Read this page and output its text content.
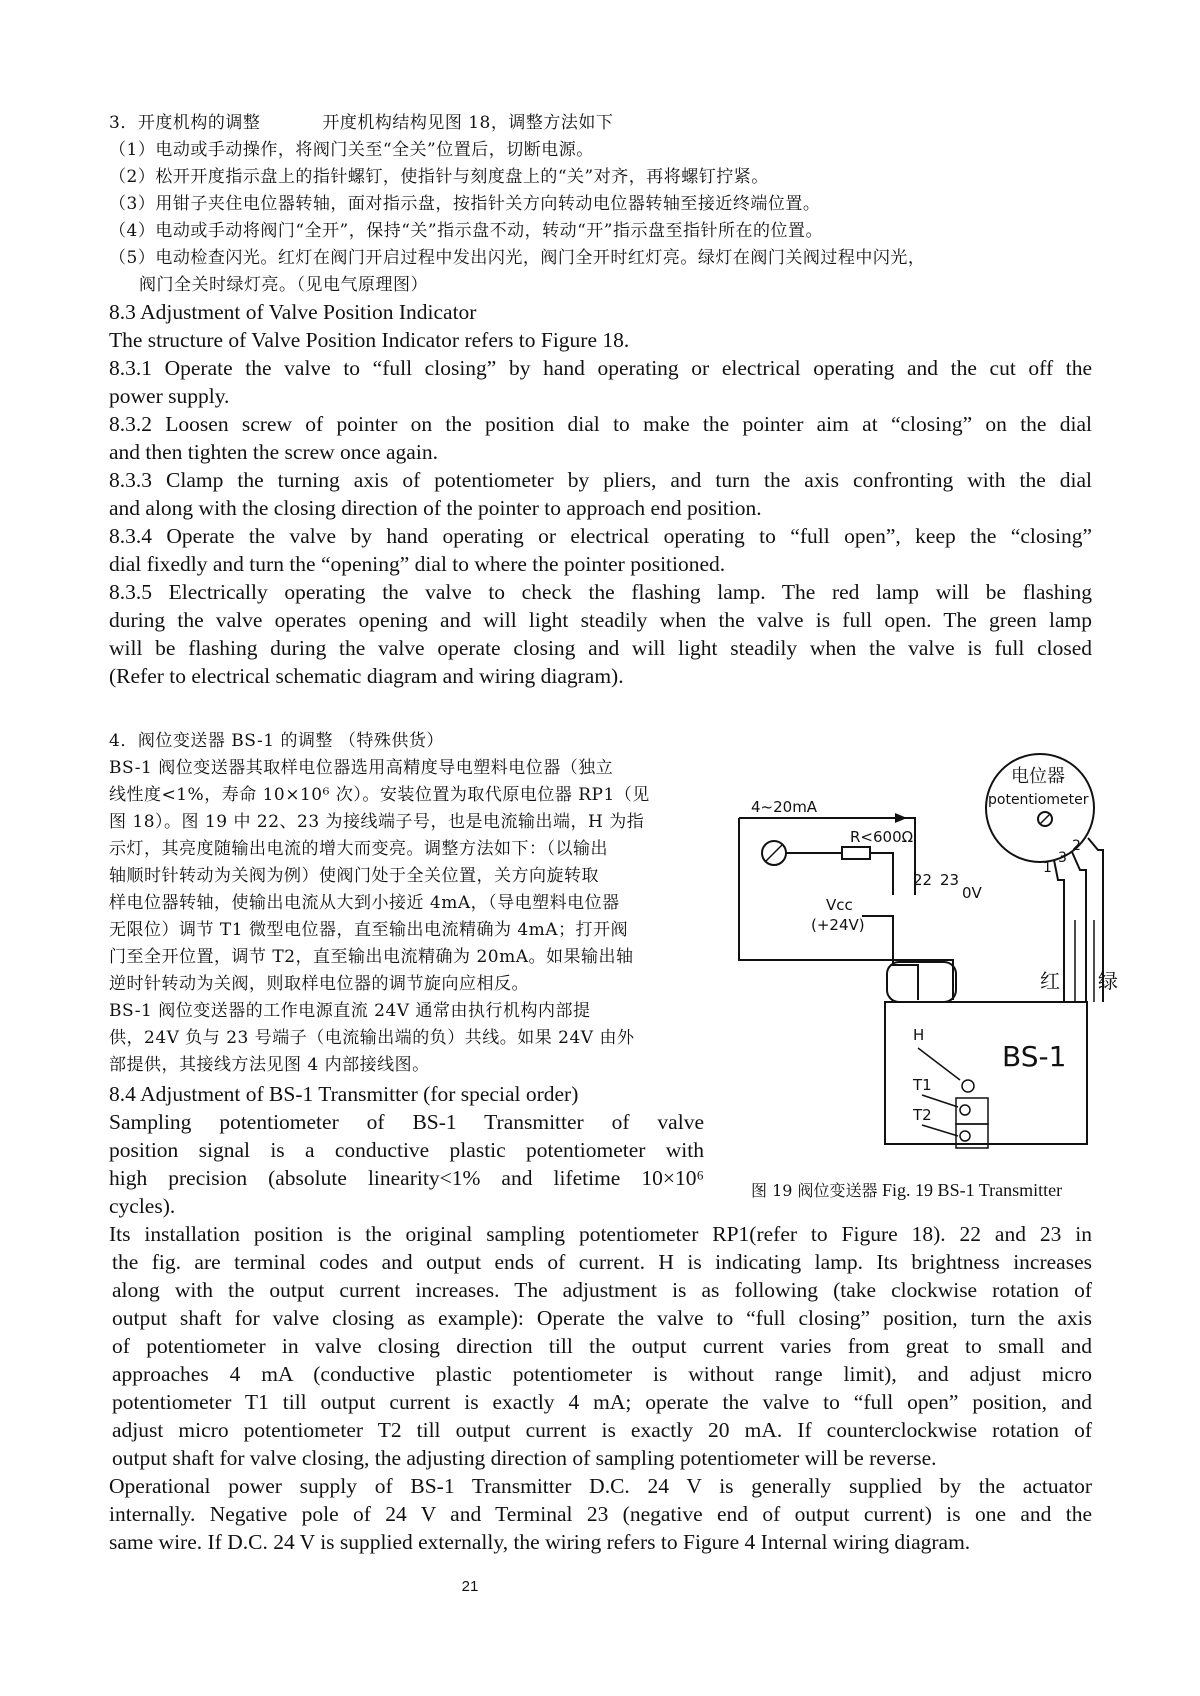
3．开度机构的调整	开度机构结构见图 18，调整方法如下
（1）电动或手动操作，将阀门关至“全关”位置后，切断电源。
（2）松开开度指示盘上的指针螺钉，使指针与刻度盘上的“关”对齐，再将螺钉拧紧。
（3）用钳子夹住电位器转轴，面对指示盘，按指针关方向转动电位器转轴至接近终端位置。
（4）电动或手动将阀门“全开”，保持“关”指示盘不动，转动“开”指示盘至指针所在的位置。
（5）电动检查闪光。红灯在阀门开启过程中发出闪光，阀门全开时红灯亮。绿灯在阀门关阀过程中闪光，
阀门全关时绿灯亮。（见电气原理图）
8.3 Adjustment of Valve Position Indicator
The structure of Valve Position Indicator refers to Figure 18.
8.3.1 Operate the valve to “full closing” by hand operating or electrical operating and the cut off the
power supply.
8.3.2 Loosen screw of pointer on the position dial to make the pointer aim at “closing” on the dial
and then tighten the screw once again.
8.3.3 Clamp the turning axis of potentiometer by pliers, and turn the axis confronting with the dial
and along with the closing direction of the pointer to approach end position.
8.3.4 Operate the valve by hand operating or electrical operating to “full open”, keep the “closing”
dial fixedly and turn the “opening” dial to where the pointer positioned.
8.3.5 Electrically operating the valve to check the flashing lamp. The red lamp will be flashing
during the valve operates opening and will light steadily when the valve is full open. The green lamp
will be flashing during the valve operate closing and will light steadily when the valve is full closed
(Refer to electrical schematic diagram and wiring diagram).
4．阀位变送器 BS-1 的调整 （特殊供货）
BS-1 阀位变送器其取样电位器选用高精度导电塑料电位器（独立
线性度<1%，寿命 10×10⁶ 次）。安装位置为取代原电位器 RP1（见
图 18）。图 19 中 22、23 为接线端子号，也是电流输出端，H 为指
示灯，其亮度随输出电流的增大而变亮。调整方法如下：（以输出
轴顺时针转动为关阀为例）使阀门处于全关位置，关方向旋转取
样电位器转轴，使输出电流从大到小接近 4mA，（导电塑料电位器
无限位）调节 T1 微型电位器，直至输出电流精确为 4mA；打开阀
门至全开位置，调节 T2，直至输出电流精确为 20mA。如果输出轴
逆时针转动为关阀，则取样电位器的调节旋向应相反。
BS-1 阀位变送器的工作电源直流 24V 通常由执行机构内部提
供，24V 负与 23 号端子（电流输出端的负）共线。如果 24V 由外
部提供，其接线方法见图 4 内部接线图。
8.4 Adjustment of BS-1 Transmitter (for special order)
Sampling potentiometer of BS-1 Transmitter of valve
position signal is a conductive plastic potentiometer with
high precision (absolute linearity<1% and lifetime 10×10⁶
cycles).
Its installation position is the original sampling potentiometer RP1(refer to Figure 18). 22 and 23 in
the fig. are terminal codes and output ends of current. H is indicating lamp. Its brightness increases
along with the output current increases. The adjustment is as following (take clockwise rotation of
output shaft for valve closing as example): Operate the valve to “full closing” position, turn the axis
of potentiometer in valve closing direction till the output current varies from great to small and
approaches 4 mA (conductive plastic potentiometer is without range limit), and adjust micro
potentiometer T1 till output current is exactly 4 mA; operate the valve to “full open” position, and
adjust micro potentiometer T2 till output current is exactly 20 mA. If counterclockwise rotation of
output shaft for valve closing, the adjusting direction of sampling potentiometer will be reverse.
Operational power supply of BS-1 Transmitter D.C. 24 V is generally supplied by the actuator
internally. Negative pole of 24 V and Terminal 23 (negative end of output current) is one and the
same wire. If D.C. 24 V is supplied externally, the wiring refers to Figure 4 Internal wiring diagram.
4~20mA
R<600Ω
22 23
0V
Vcc
(+24V)
电位器
potentiometer
1
3
2
红 绿
BS-1
H
T1
T2
图 19 阀位变送器 Fig. 19 BS-1 Transmitter
21
